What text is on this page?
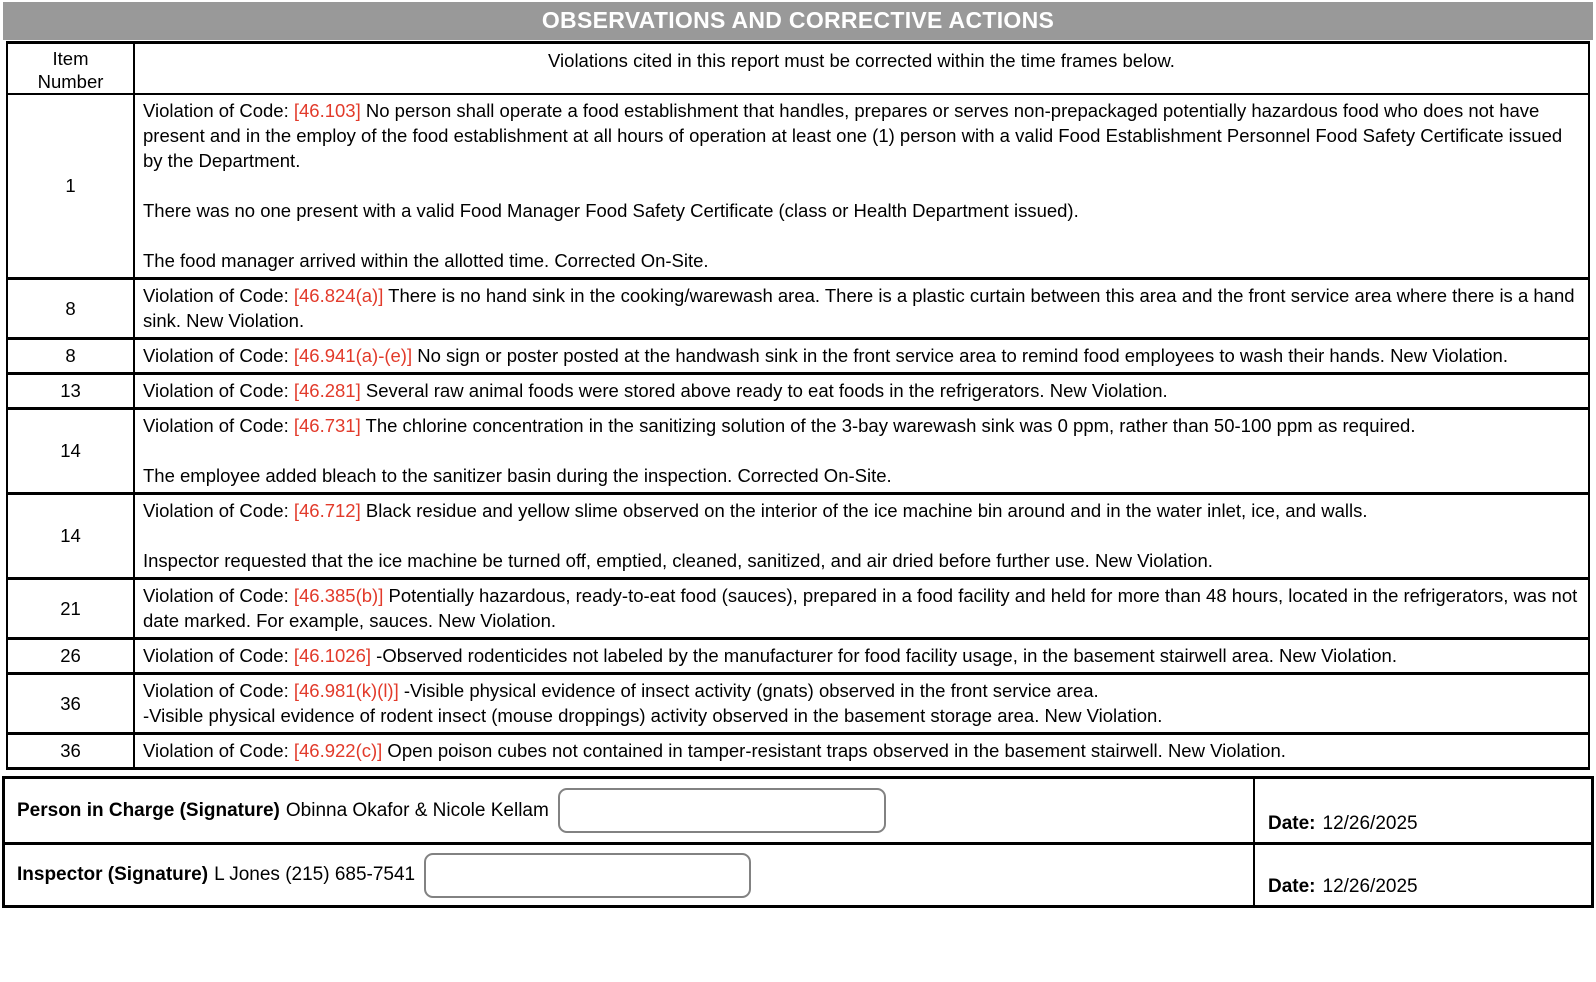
OBSERVATIONS AND CORRECTIVE ACTIONS
Item
Number
Violations cited in this report must be corrected within the time frames below.
1
Violation of Code: [46.103] No person shall operate a food establishment that handles, prepares or serves non-prepackaged potentially hazardous food who does not have present and in the employ of the food establishment at all hours of operation at least one (1) person with a valid Food Establishment Personnel Food Safety Certificate issued by the Department.

There was no one present with a valid Food Manager Food Safety Certificate (class or Health Department issued).

The food manager arrived within the allotted time. Corrected On-Site.
8
Violation of Code: [46.824(a)] There is no hand sink in the cooking/warewash area. There is a plastic curtain between this area and the front service area where there is a hand sink. New Violation.
8	Violation of Code: [46.941(a)-(e)] No sign or poster posted at the handwash sink in the front service area to remind food employees to wash their hands. New Violation.
13	Violation of Code: [46.281] Several raw animal foods were stored above ready to eat foods in the refrigerators. New Violation.
14
Violation of Code: [46.731] The chlorine concentration in the sanitizing solution of the 3-bay warewash sink was 0 ppm, rather than 50-100 ppm as required.

The employee added bleach to the sanitizer basin during the inspection. Corrected On-Site.
14
Violation of Code: [46.712] Black residue and yellow slime observed on the interior of the ice machine bin around and in the water inlet, ice, and walls.

Inspector requested that the ice machine be turned off, emptied, cleaned, sanitized, and air dried before further use. New Violation.
21
Violation of Code: [46.385(b)] Potentially hazardous, ready-to-eat food (sauces), prepared in a food facility and held for more than 48 hours, located in the refrigerators, was not date marked. For example, sauces. New Violation.
26	Violation of Code: [46.1026] -Observed rodenticides not labeled by the manufacturer for food facility usage, in the basement stairwell area. New Violation.
36
Violation of Code: [46.981(k)(l)] -Visible physical evidence of insect activity (gnats) observed in the front service area.
-Visible physical evidence of rodent insect (mouse droppings) activity observed in the basement storage area. New Violation.
36	Violation of Code: [46.922(c)] Open poison cubes not contained in tamper-resistant traps observed in the basement stairwell. New Violation.
Person in Charge (Signature) Obinna Okafor & Nicole Kellam
Date: 12/26/2025
Inspector (Signature) L Jones (215) 685-7541
Date: 12/26/2025
